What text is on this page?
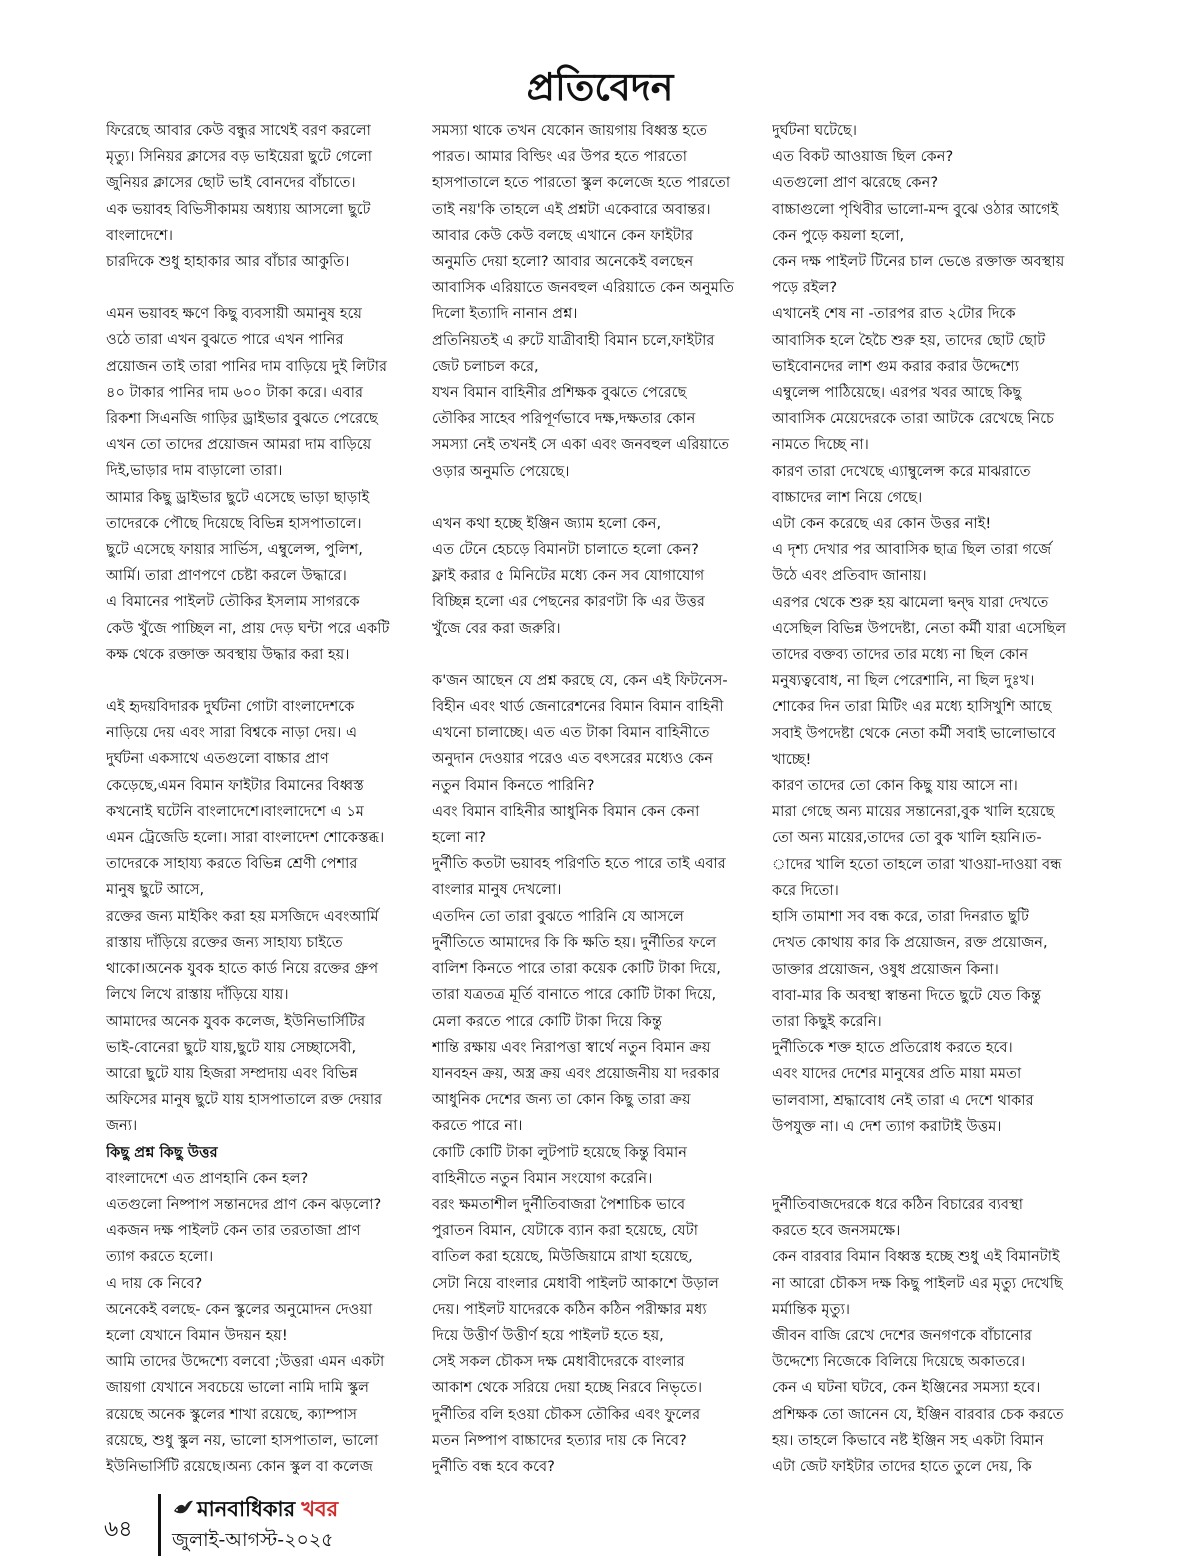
প্রতিবেদন
ফিরেছে আবার কেউ বন্ধুর সাথেই বরণ করলো
মৃত্যু। সিনিয়র ক্লাসের বড় ভাইয়েরা ছুটে গেলো
জুনিয়র ক্লাসের ছোট ভাই বোনদের বাঁচাতে।
এক ভয়াবহ বিভিসীকাময় অধ্যায় আসলো ছুটে
বাংলাদেশে।
চারদিকে শুধু হাহাকার আর বাঁচার আকুতি।
এমন ভয়াবহ ক্ষণে কিছু ব্যবসায়ী অমানুষ হয়ে
ওঠে তারা এখন বুঝতে পারে এখন পানির
প্রয়োজন তাই তারা পানির দাম বাড়িয়ে দুই লিটার
৪০ টাকার পানির দাম ৬০০ টাকা করে। এবার
রিকশা সিএনজি গাড়ির ড্রাইভার বুঝতে পেরেছে
এখন তো তাদের প্রয়োজন আমরা দাম বাড়িয়ে
দিই,ভাড়ার দাম বাড়ালো তারা।
আমার কিছু ড্রাইভার ছুটে এসেছে ভাড়া ছাড়াই
তাদেরকে পৌছে দিয়েছে বিভিন্ন হাসপাতালে।
ছুটে এসেছে ফায়ার সার্ভিস, এম্বুলেন্স, পুলিশ,
আর্মি। তারা প্রাণপণে চেষ্টা করলে উদ্ধারে।
এ বিমানের পাইলট তৌকির ইসলাম সাগরকে
কেউ খুঁজে পাচ্ছিল না, প্রায় দেড় ঘন্টা পরে একটি
কক্ষ থেকে রক্তাক্ত অবস্থায় উদ্ধার করা হয়।
এই হৃদয়বিদারক দুর্ঘটনা গোটা বাংলাদেশকে
নাড়িয়ে দেয় এবং সারা বিশ্বকে নাড়া দেয়। এ
দুর্ঘটনা একসাথে এতগুলো বাচ্চার প্রাণ
কেড়েছে,এমন বিমান ফাইটার বিমানের বিধ্বস্ত
কখনোই ঘটেনি বাংলাদেশে।বাংলাদেশে এ ১ম
এমন ট্রেজেডি হলো। সারা বাংলাদেশ শোকেস্তব্ধ।
তাদেরকে সাহায্য করতে বিভিন্ন শ্রেণী পেশার
মানুষ ছুটে আসে,
রক্তের জন্য মাইকিং করা হয় মসজিদে এবংআর্মি
রাস্তায় দাঁড়িয়ে রক্তের জন্য সাহায্য চাইতে
থাকো।অনেক যুবক হাতে কার্ড নিয়ে রক্তের গ্রুপ
লিখে লিখে রাস্তায় দাঁড়িয়ে যায়।
আমাদের অনেক যুবক কলেজ, ইউনিভার্সিটির
ভাই-বোনেরা ছুটে যায়,ছুটে যায় সেচ্ছাসেবী,
আরো ছুটে যায় হিজরা সম্প্রদায় এবং বিভিন্ন
অফিসের মানুষ ছুটে যায় হাসপাতালে রক্ত দেয়ার
জন্য।
কিছু প্রশ্ন কিছু উত্তর
বাংলাদেশে এত প্রাণহানি কেন হল?
এতগুলো নিষ্পাপ সন্তানদের প্রাণ কেন ঝড়লো?
একজন দক্ষ পাইলট কেন তার তরতাজা প্রাণ
ত্যাগ করতে হলো।
এ দায় কে নিবে?
অনেকেই বলছে- কেন স্কুলের অনুমোদন দেওয়া
হলো যেখানে বিমান উদয়ন হয়!
আমি তাদের উদ্দেশ্যে বলবো ;উত্তরা এমন একটা
জায়গা যেখানে সবচেয়ে ভালো নামি দামি স্কুল
রয়েছে অনেক স্কুলের শাখা রয়েছে, ক্যাম্পাস
রয়েছে, শুধু স্কুল নয়, ভালো হাসপাতাল, ভালো
ইউনিভার্সিটি রয়েছে।অন্য কোন স্কুল বা কলেজ
সমস্যা থাকে তখন যেকোন জায়গায় বিধ্বস্ত হতে
পারত। আমার বিল্ডিং এর উপর হতে পারতো
হাসপাতালে হতে পারতো স্কুল কলেজে হতে পারতো
তাই নয়'কি তাহলে এই প্রশ্নটা একেবারে অবান্তর।
আবার কেউ কেউ বলছে এখানে কেন ফাইটার
অনুমতি দেয়া হলো? আবার অনেকেই বলছেন
আবাসিক এরিয়াতে জনবহুল এরিয়াতে কেন অনুমতি
দিলো ইত্যাদি নানান প্রশ্ন।
প্রতিনিয়তই এ রুটে যাত্রীবাহী বিমান চলে,ফাইটার
জেট চলাচল করে,
যখন বিমান বাহিনীর প্রশিক্ষক বুঝতে পেরেছে
তৌকির সাহেব পরিপূর্ণভাবে দক্ষ,দক্ষতার কোন
সমস্যা নেই তখনই সে একা এবং জনবহুল এরিয়াতে
ওড়ার অনুমতি পেয়েছে।
এখন কথা হচ্ছে ইঞ্জিন জ্যাম হলো কেন,
এত টেনে হেচড়ে বিমানটা চালাতে হলো কেন?
ফ্লাই করার ৫ মিনিটের মধ্যে কেন সব যোগাযোগ
বিচ্ছিন্ন হলো এর পেছনের কারণটা কি এর উত্তর
খুঁজে বের করা জরুরি।
ক'জন আছেন যে প্রশ্ন করছে যে, কেন এই ফিটনেস-
বিহীন এবং থার্ড জেনারেশনের বিমান বিমান বাহিনী
এখনো চালাচ্ছে। এত এত টাকা বিমান বাহিনীতে
অনুদান দেওয়ার পরেও এত বৎসরের মধ্যেও কেন
নতুন বিমান কিনতে পারিনি?
এবং বিমান বাহিনীর আধুনিক বিমান কেন কেনা
হলো না?
দুর্নীতি কতটা ভয়াবহ পরিণতি হতে পারে তাই এবার
বাংলার মানুষ দেখলো।
এতদিন তো তারা বুঝতে পারিনি যে আসলে
দুর্নীতিতে আমাদের কি কি ক্ষতি হয়। দুর্নীতির ফলে
বালিশ কিনতে পারে তারা কয়েক কোটি টাকা দিয়ে,
তারা যত্রতত্র মূর্তি বানাতে পারে কোটি টাকা দিয়ে,
মেলা করতে পারে কোটি টাকা দিয়ে কিন্তু
শান্তি রক্ষায় এবং নিরাপত্তা স্বার্থে নতুন বিমান ক্রয়
যানবহন ক্রয়, অস্ত্র ক্রয় এবং প্রয়োজনীয় যা দরকার
আধুনিক দেশের জন্য তা কোন কিছু তারা ক্রয়
করতে পারে না।
কোটি কোটি টাকা লুটপাট হয়েছে কিন্তু বিমান
বাহিনীতে নতুন বিমান সংযোগ করেনি।
বরং ক্ষমতাশীল দুর্নীতিবাজরা পৈশাচিক ভাবে
পুরাতন বিমান, যেটাকে ব্যান করা হয়েছে, যেটা
বাতিল করা হয়েছে, মিউজিয়ামে রাখা হয়েছে,
সেটা নিয়ে বাংলার মেধাবী পাইলট আকাশে উড়াল
দেয়। পাইলট যাদেরকে কঠিন কঠিন পরীক্ষার মধ্য
দিয়ে উত্তীর্ণ উত্তীর্ণ হয়ে পাইলট হতে হয়,
সেই সকল চৌকস দক্ষ মেধাবীদেরকে বাংলার
আকাশ থেকে সরিয়ে দেয়া হচ্ছে নিরবে নিভৃতে।
দুর্নীতির বলি হওয়া চৌকস তৌকির এবং ফুলের
মতন নিষ্পাপ বাচ্চাদের হত্যার দায় কে নিবে?
দুর্নীতি বন্ধ হবে কবে?
দুর্ঘটনা ঘটেছে।
এত বিকট আওয়াজ ছিল কেন?
এতগুলো প্রাণ ঝরেছে কেন?
বাচ্চাগুলো পৃথিবীর ভালো-মন্দ বুঝে ওঠার আগেই
কেন পুড়ে কয়লা হলো,
কেন দক্ষ পাইলট টিনের চাল ভেঙে রক্তাক্ত অবস্থায়
পড়ে রইল?
এখানেই শেষ না -তারপর রাত ২টোর দিকে
আবাসিক হলে হৈচৈ শুরু হয়, তাদের ছোট ছোট
ভাইবোনদের লাশ গুম করার করার উদ্দেশ্যে
এম্বুলেন্স পাঠিয়েছে। এরপর খবর আছে কিছু
আবাসিক মেয়েদেরকে তারা আটকে রেখেছে নিচে
নামতে দিচ্ছে না।
কারণ তারা দেখেছে এ্যাম্বুলেন্স করে মাঝরাতে
বাচ্চাদের লাশ নিয়ে গেছে।
এটা কেন করেছে এর কোন উত্তর নাই!
এ দৃশ্য দেখার পর আবাসিক ছাত্র ছিল তারা গর্জে
উঠে এবং প্রতিবাদ জানায়।
এরপর থেকে শুরু হয় ঝামেলা দ্বন্দ্ব যারা দেখতে
এসেছিল বিভিন্ন উপদেষ্টা, নেতা কর্মী যারা এসেছিল
তাদের বক্তব্য তাদের তার মধ্যে না ছিল কোন
মনুষ্যত্ববোধ, না ছিল পেরেশানি, না ছিল দুঃখ।
শোকের দিন তারা মিটিং এর মধ্যে হাসিখুশি আছে
সবাই উপদেষ্টা থেকে নেতা কর্মী সবাই ভালোভাবে
খাচ্ছে!
কারণ তাদের তো কোন কিছু যায় আসে না।
মারা গেছে অন্য মায়ের সন্তানেরা,বুক খালি হয়েছে
তো অন্য মায়ের,তাদের তো বুক খালি হয়নি।ত-
াদের খালি হতো তাহলে তারা খাওয়া-দাওয়া বন্ধ
করে দিতো।
হাসি তামাশা সব বন্ধ করে, তারা দিনরাত ছুটি
দেখত কোথায় কার কি প্রয়োজন, রক্ত প্রয়োজন,
ডাক্তার প্রয়োজন, ওষুধ প্রয়োজন কিনা।
বাবা-মার কি অবস্থা স্বান্তনা দিতে ছুটে যেত কিন্তু
তারা কিছুই করেনি।
দুর্নীতিকে শক্ত হাতে প্রতিরোধ করতে হবে।
এবং যাদের দেশের মানুষের প্রতি মায়া মমতা
ভালবাসা, শ্রদ্ধাবোধ নেই তারা এ দেশে থাকার
উপযুক্ত না। এ দেশ ত্যাগ করাটাই উত্তম।
দুর্নীতিবাজদেরকে ধরে কঠিন বিচারের ব্যবস্থা
করতে হবে জনসমক্ষে।
কেন বারবার বিমান বিধ্বস্ত হচ্ছে শুধু এই বিমানটাই
না আরো চৌকস দক্ষ কিছু পাইলট এর মৃত্যু দেখেছি
মর্মান্তিক মৃত্যু।
জীবন বাজি রেখে দেশের জনগণকে বাঁচানোর
উদ্দেশ্যে নিজেকে বিলিয়ে দিয়েছে অকাতরে।
কেন এ ঘটনা ঘটবে, কেন ইঞ্জিনের সমস্যা হবে।
প্রশিক্ষক তো জানেন যে, ইঞ্জিন বারবার চেক করতে
হয়। তাহলে কিভাবে নষ্ট ইঞ্জিন সহ একটা বিমান
এটা জেট ফাইটার তাদের হাতে তুলে দেয়, কি
৬৪
মানবাধিকার খবর
জুলাই-আগস্ট-২০২৫
